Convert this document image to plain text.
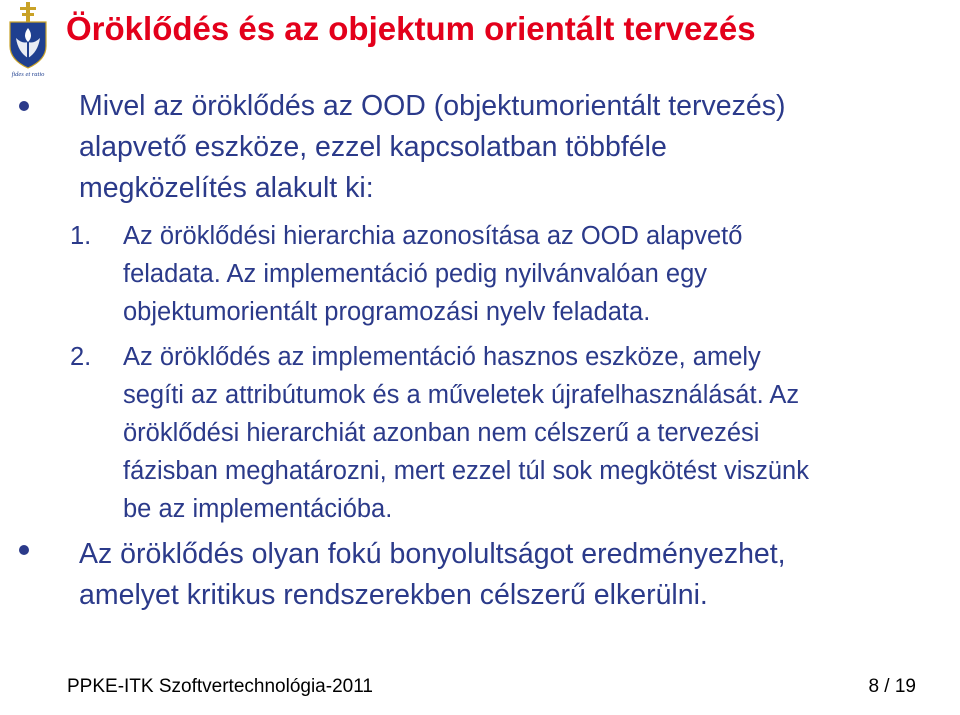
fides et ratio
Öröklődés és az objektum orientált tervezés
Mivel az öröklődés az OOD (objektumorientált tervezés)
alapvető eszköze, ezzel kapcsolatban többféle
megközelítés alakult ki:
1. Az öröklődési hierarchia azonosítása az OOD alapvető
feladata. Az implementáció pedig nyilvánvalóan egy
objektumorientált programozási nyelv feladata.
2. Az öröklődés az implementáció hasznos eszköze, amely
segíti az attribútumok és a műveletek újrafelhasználását. Az
öröklődési hierarchiát azonban nem célszerű a tervezési
fázisban meghatározni, mert ezzel túl sok megkötést viszünk
be az implementációba.
Az öröklődés olyan fokú bonyolultságot eredményezhet,
amelyet kritikus rendszerekben célszerű elkerülni.
PPKE-ITK Szoftvertechnológia-2011	8 / 19
